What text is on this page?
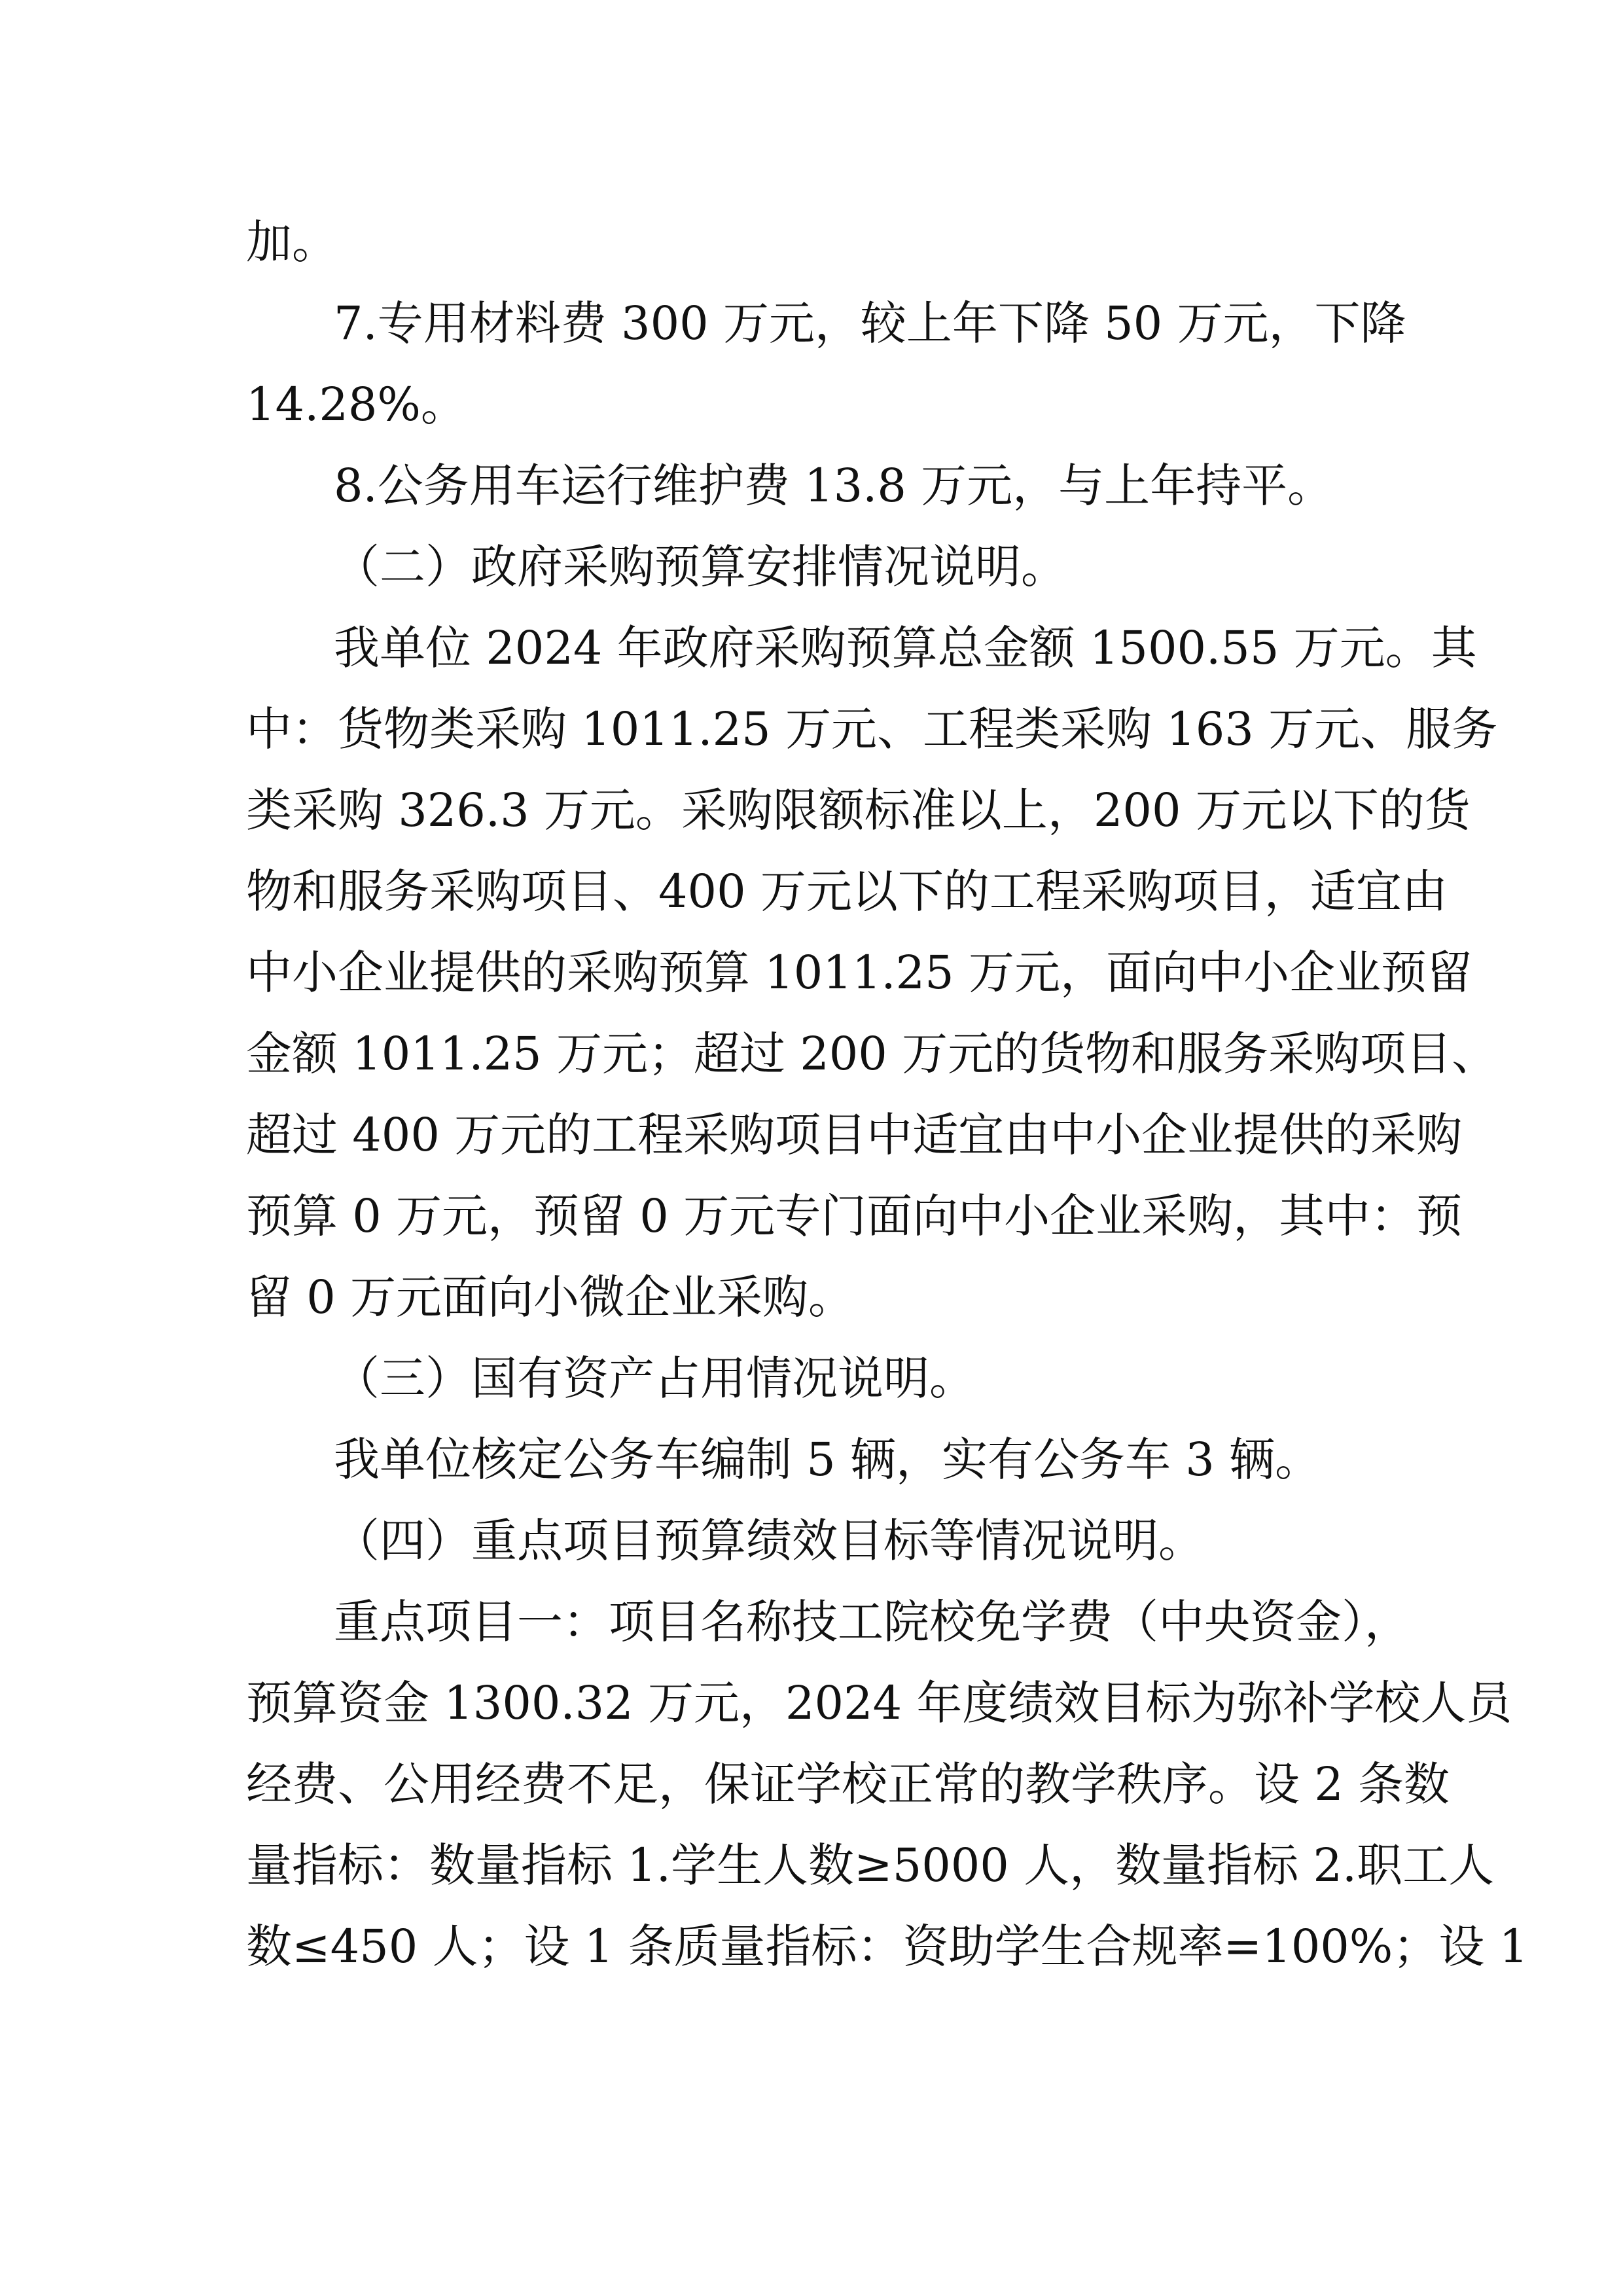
加。

7.专用材料费 300 万元，较上年下降 50 万元，下降

14.28%。

8.公务用车运行维护费 13.8 万元，与上年持平。

（二）政府采购预算安排情况说明。

我单位 2024 年政府采购预算总金额 1500.55 万元。其

中：货物类采购 1011.25 万元、工程类采购 163 万元、服务

类采购 326.3 万元。采购限额标准以上，200 万元以下的货

物和服务采购项目、400 万元以下的工程采购项目，适宜由

中小企业提供的采购预算 1011.25 万元，面向中小企业预留

金额 1011.25 万元；超过 200 万元的货物和服务采购项目、

超过 400 万元的工程采购项目中适宜由中小企业提供的采购

预算 0 万元，预留 0 万元专门面向中小企业采购，其中：预

留 0 万元面向小微企业采购。

（三）国有资产占用情况说明。

我单位核定公务车编制 5 辆，实有公务车 3 辆。

（四）重点项目预算绩效目标等情况说明。

重点项目一：项目名称技工院校免学费（中央资金），

预算资金 1300.32 万元，2024 年度绩效目标为弥补学校人员

经费、公用经费不足，保证学校正常的教学秩序。设 2 条数

量指标：数量指标 1.学生人数≥5000 人，数量指标 2.职工人

数≤450 人；设 1 条质量指标：资助学生合规率=100%；设 1
